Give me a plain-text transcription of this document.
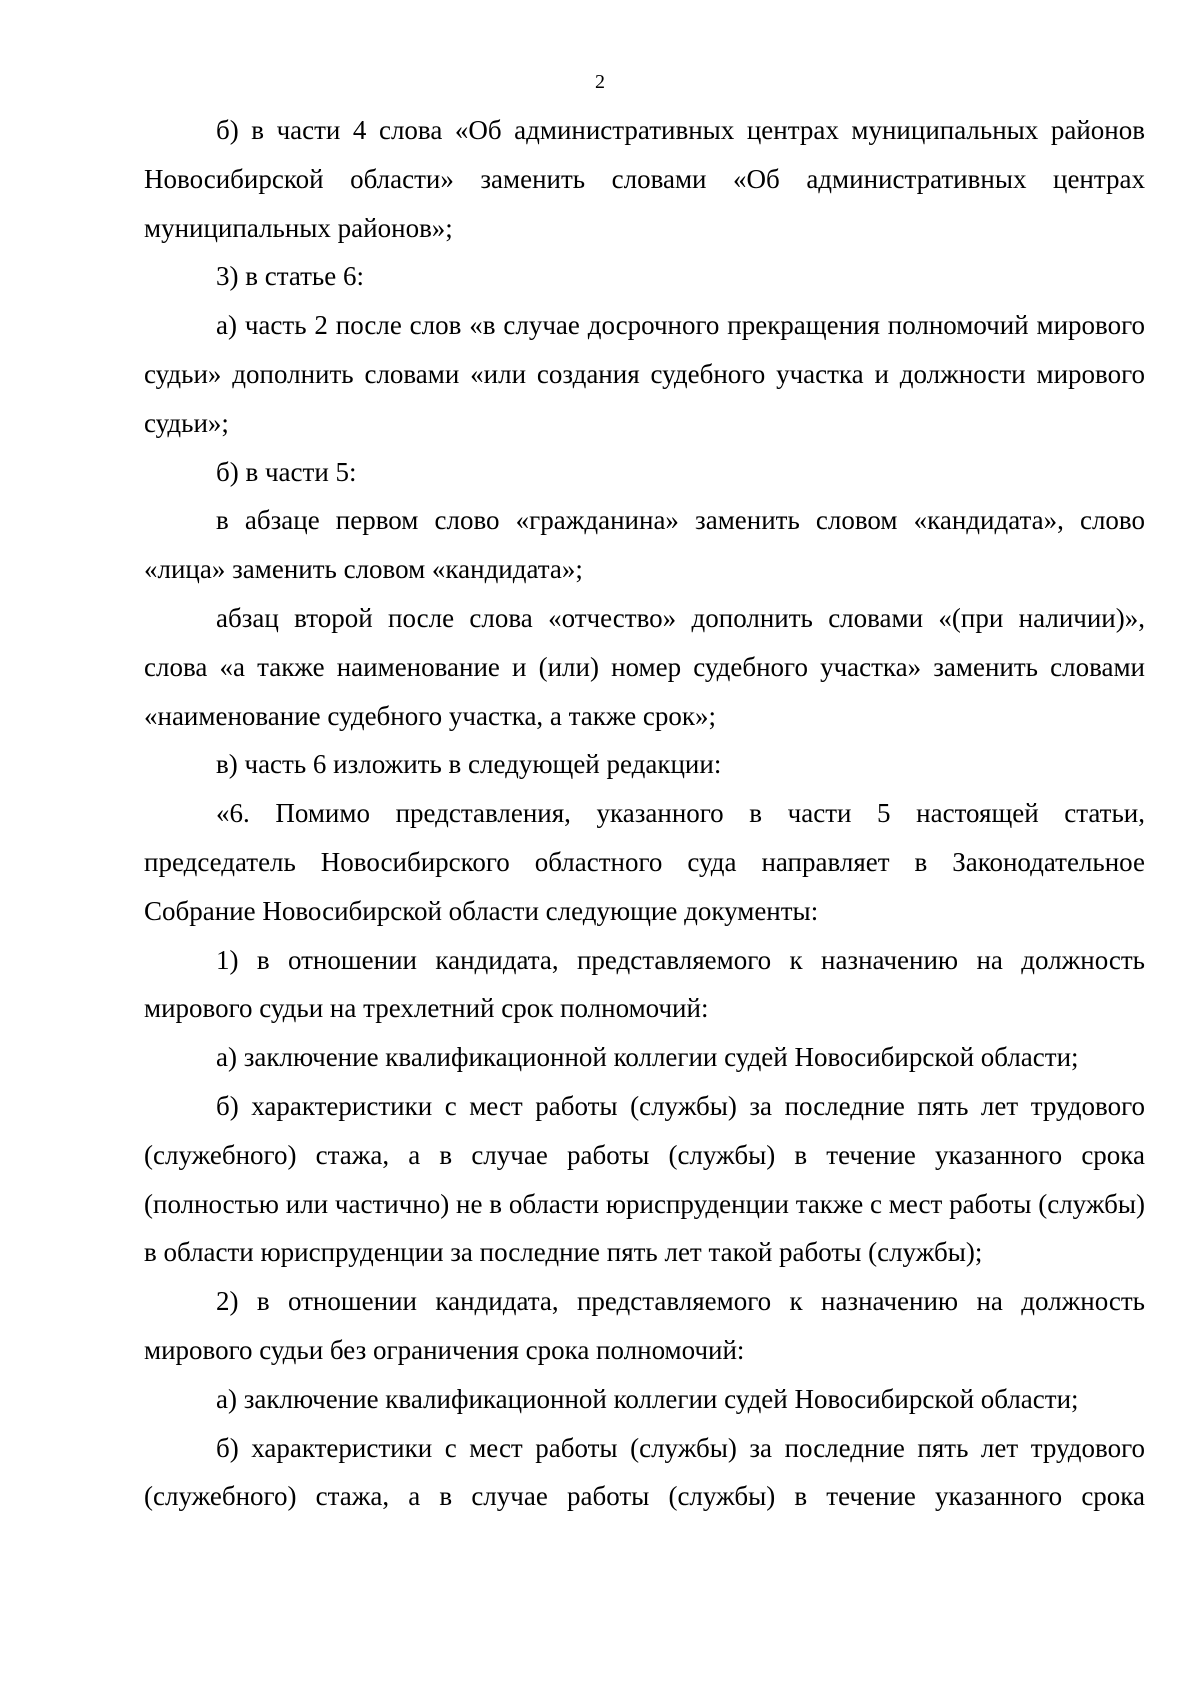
2

б) в части 4 слова «Об административных центрах муниципальных районов Новосибирской области» заменить словами «Об административных центрах муниципальных районов»;

3) в статье 6:

а) часть 2 после слов «в случае досрочного прекращения полномочий мирового судьи» дополнить словами «или создания судебного участка и должности мирового судьи»;

б) в части 5:

в абзаце первом слово «гражданина» заменить словом «кандидата», слово «лица» заменить словом «кандидата»;

абзац второй после слова «отчество» дополнить словами «(при наличии)», слова «а также наименование и (или) номер судебного участка» заменить словами «наименование судебного участка, а также срок»;

в) часть 6 изложить в следующей редакции:

«6. Помимо представления, указанного в части 5 настоящей статьи, председатель Новосибирского областного суда направляет в Законодательное Собрание Новосибирской области следующие документы:

1) в отношении кандидата, представляемого к назначению на должность мирового судьи на трехлетний срок полномочий:

а) заключение квалификационной коллегии судей Новосибирской области;

б) характеристики с мест работы (службы) за последние пять лет трудового (служебного) стажа, а в случае работы (службы) в течение указанного срока (полностью или частично) не в области юриспруденции также с мест работы (службы) в области юриспруденции за последние пять лет такой работы (службы);

2) в отношении кандидата, представляемого к назначению на должность мирового судьи без ограничения срока полномочий:

а) заключение квалификационной коллегии судей Новосибирской области;

б) характеристики с мест работы (службы) за последние пять лет трудового (служебного) стажа, а в случае работы (службы) в течение указанного срока
